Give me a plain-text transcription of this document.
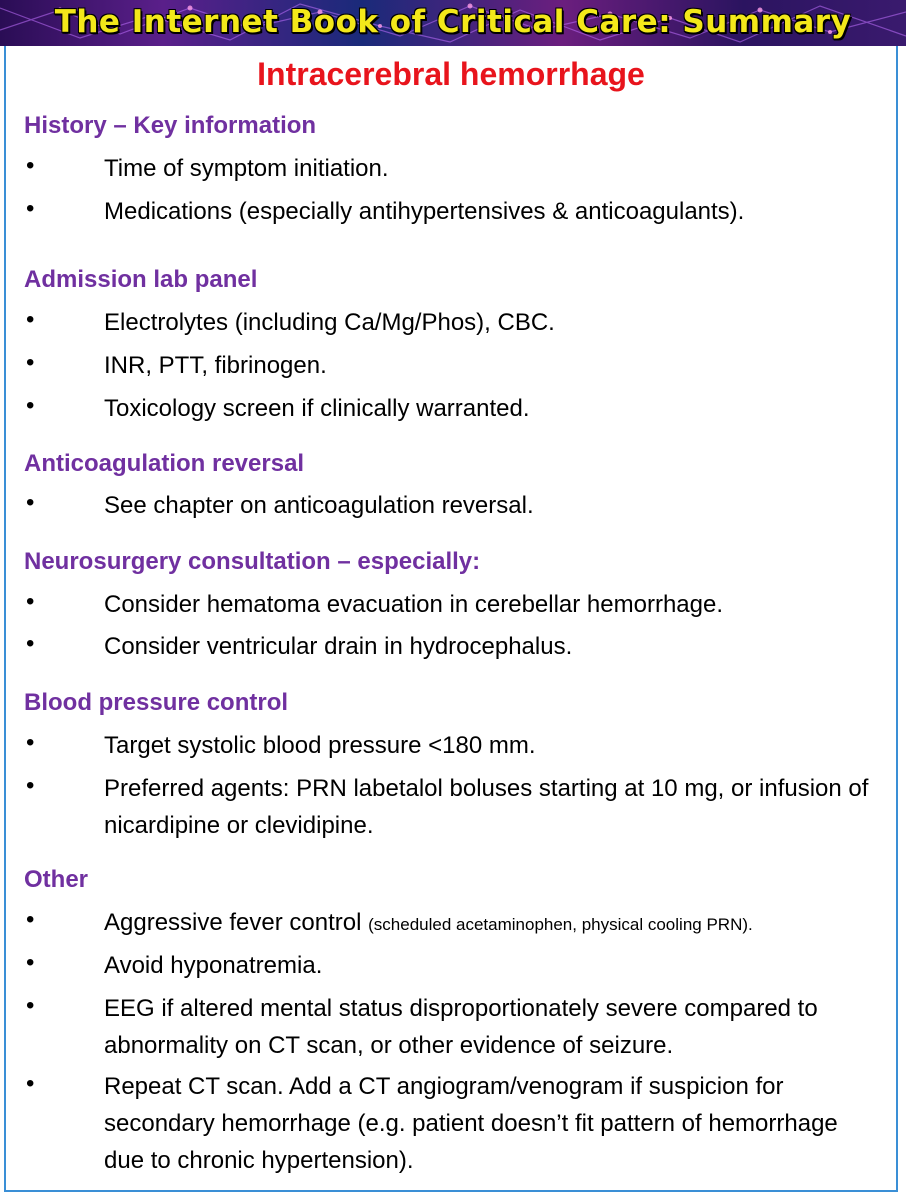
The Internet Book of Critical Care: Summary
Intracerebral hemorrhage
History – Key information
•	Time of symptom initiation.
•	Medications (especially antihypertensives & anticoagulants).
Admission lab panel
•	Electrolytes (including Ca/Mg/Phos), CBC.
•	INR, PTT, fibrinogen.
•	Toxicology screen if clinically warranted.
Anticoagulation reversal
•	See chapter on anticoagulation reversal.
Neurosurgery consultation – especially:
•	Consider hematoma evacuation in cerebellar hemorrhage.
•	Consider ventricular drain in hydrocephalus.
Blood pressure control
•	Target systolic blood pressure <180 mm.
•	Preferred agents: PRN labetalol boluses starting at 10 mg, or infusion of nicardipine or clevidipine.
Other
•	Aggressive fever control (scheduled acetaminophen, physical cooling PRN).
•	Avoid hyponatremia.
•	EEG if altered mental status disproportionately severe compared to abnormality on CT scan, or other evidence of seizure.
•	Repeat CT scan. Add a CT angiogram/venogram if suspicion for secondary hemorrhage (e.g. patient doesn’t fit pattern of hemorrhage due to chronic hypertension).
